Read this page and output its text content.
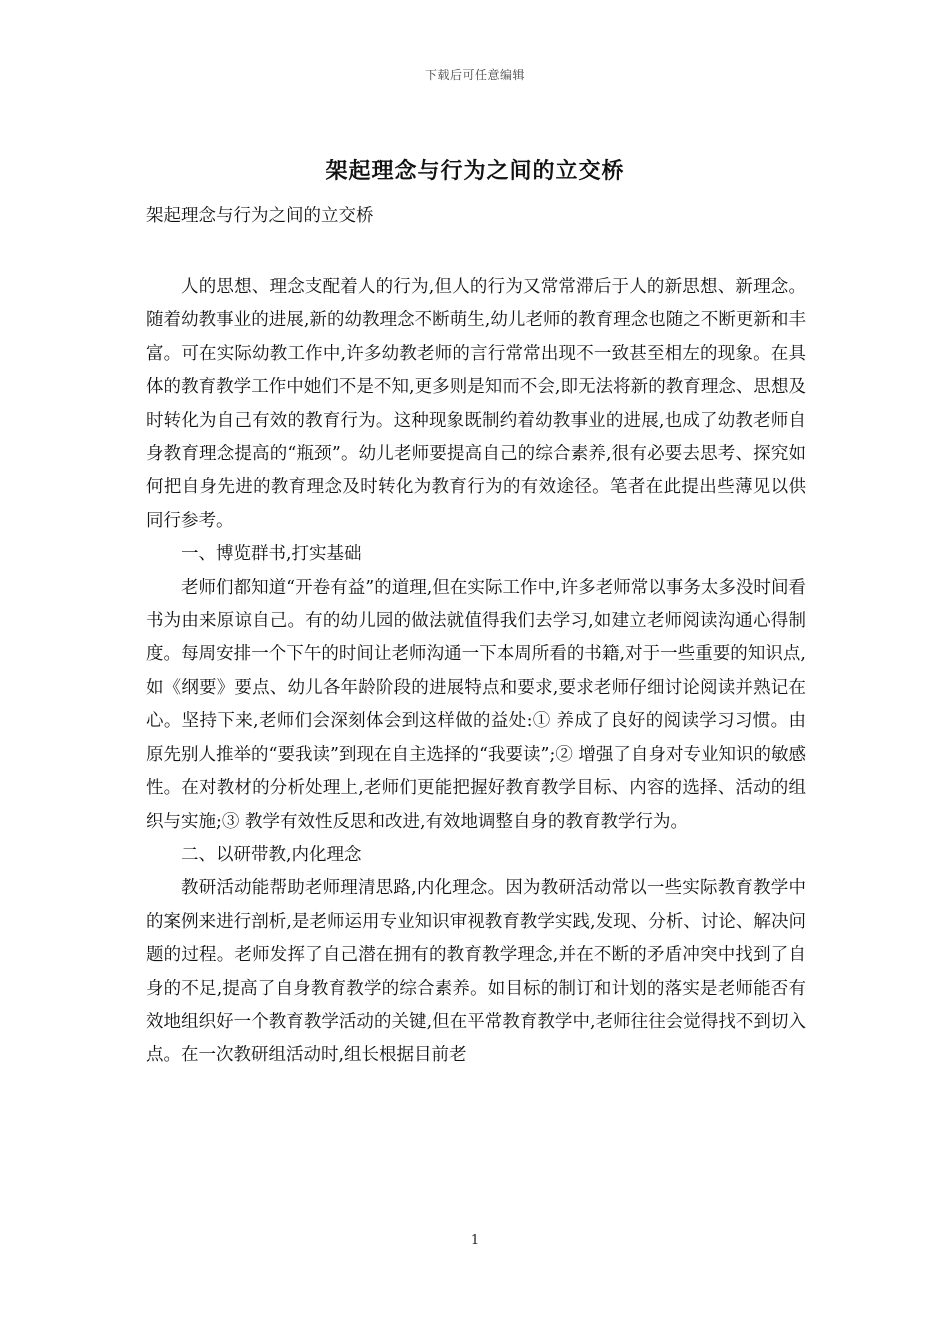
下载后可任意编辑
架起理念与行为之间的立交桥
架起理念与行为之间的立交桥

人的思想、理念支配着人的行为,但人的行为又常常滞后于人的新思想、新理念。随着幼教事业的进展,新的幼教理念不断萌生,幼儿老师的教育理念也随之不断更新和丰富。可在实际幼教工作中,许多幼教老师的言行常常出现不一致甚至相左的现象。在具体的教育教学工作中她们不是不知,更多则是知而不会,即无法将新的教育理念、思想及时转化为自己有效的教育行为。这种现象既制约着幼教事业的进展,也成了幼教老师自身教育理念提高的“瓶颈”。幼儿老师要提高自己的综合素养,很有必要去思考、探究如何把自身先进的教育理念及时转化为教育行为的有效途径。笔者在此提出些薄见以供同行参考。

一、博览群书,打实基础

老师们都知道“开卷有益”的道理,但在实际工作中,许多老师常以事务太多没时间看书为由来原谅自己。有的幼儿园的做法就值得我们去学习,如建立老师阅读沟通心得制度。每周安排一个下午的时间让老师沟通一下本周所看的书籍,对于一些重要的知识点,如《纲要》要点、幼儿各年龄阶段的进展特点和要求,要求老师仔细讨论阅读并熟记在心。坚持下来,老师们会深刻体会到这样做的益处:① 养成了良好的阅读学习习惯。由原先别人推举的“要我读”到现在自主选择的“我要读”;② 增强了自身对专业知识的敏感性。在对教材的分析处理上,老师们更能把握好教育教学目标、内容的选择、活动的组织与实施;③ 教学有效性反思和改进,有效地调整自身的教育教学行为。

二、以研带教,内化理念

教研活动能帮助老师理清思路,内化理念。因为教研活动常以一些实际教育教学中的案例来进行剖析,是老师运用专业知识审视教育教学实践,发现、分析、讨论、解决问题的过程。老师发挥了自己潜在拥有的教育教学理念,并在不断的矛盾冲突中找到了自身的不足,提高了自身教育教学的综合素养。如目标的制订和计划的落实是老师能否有效地组织好一个教育教学活动的关键,但在平常教育教学中,老师往往会觉得找不到切入点。在一次教研组活动时,组长根据目前老

1
